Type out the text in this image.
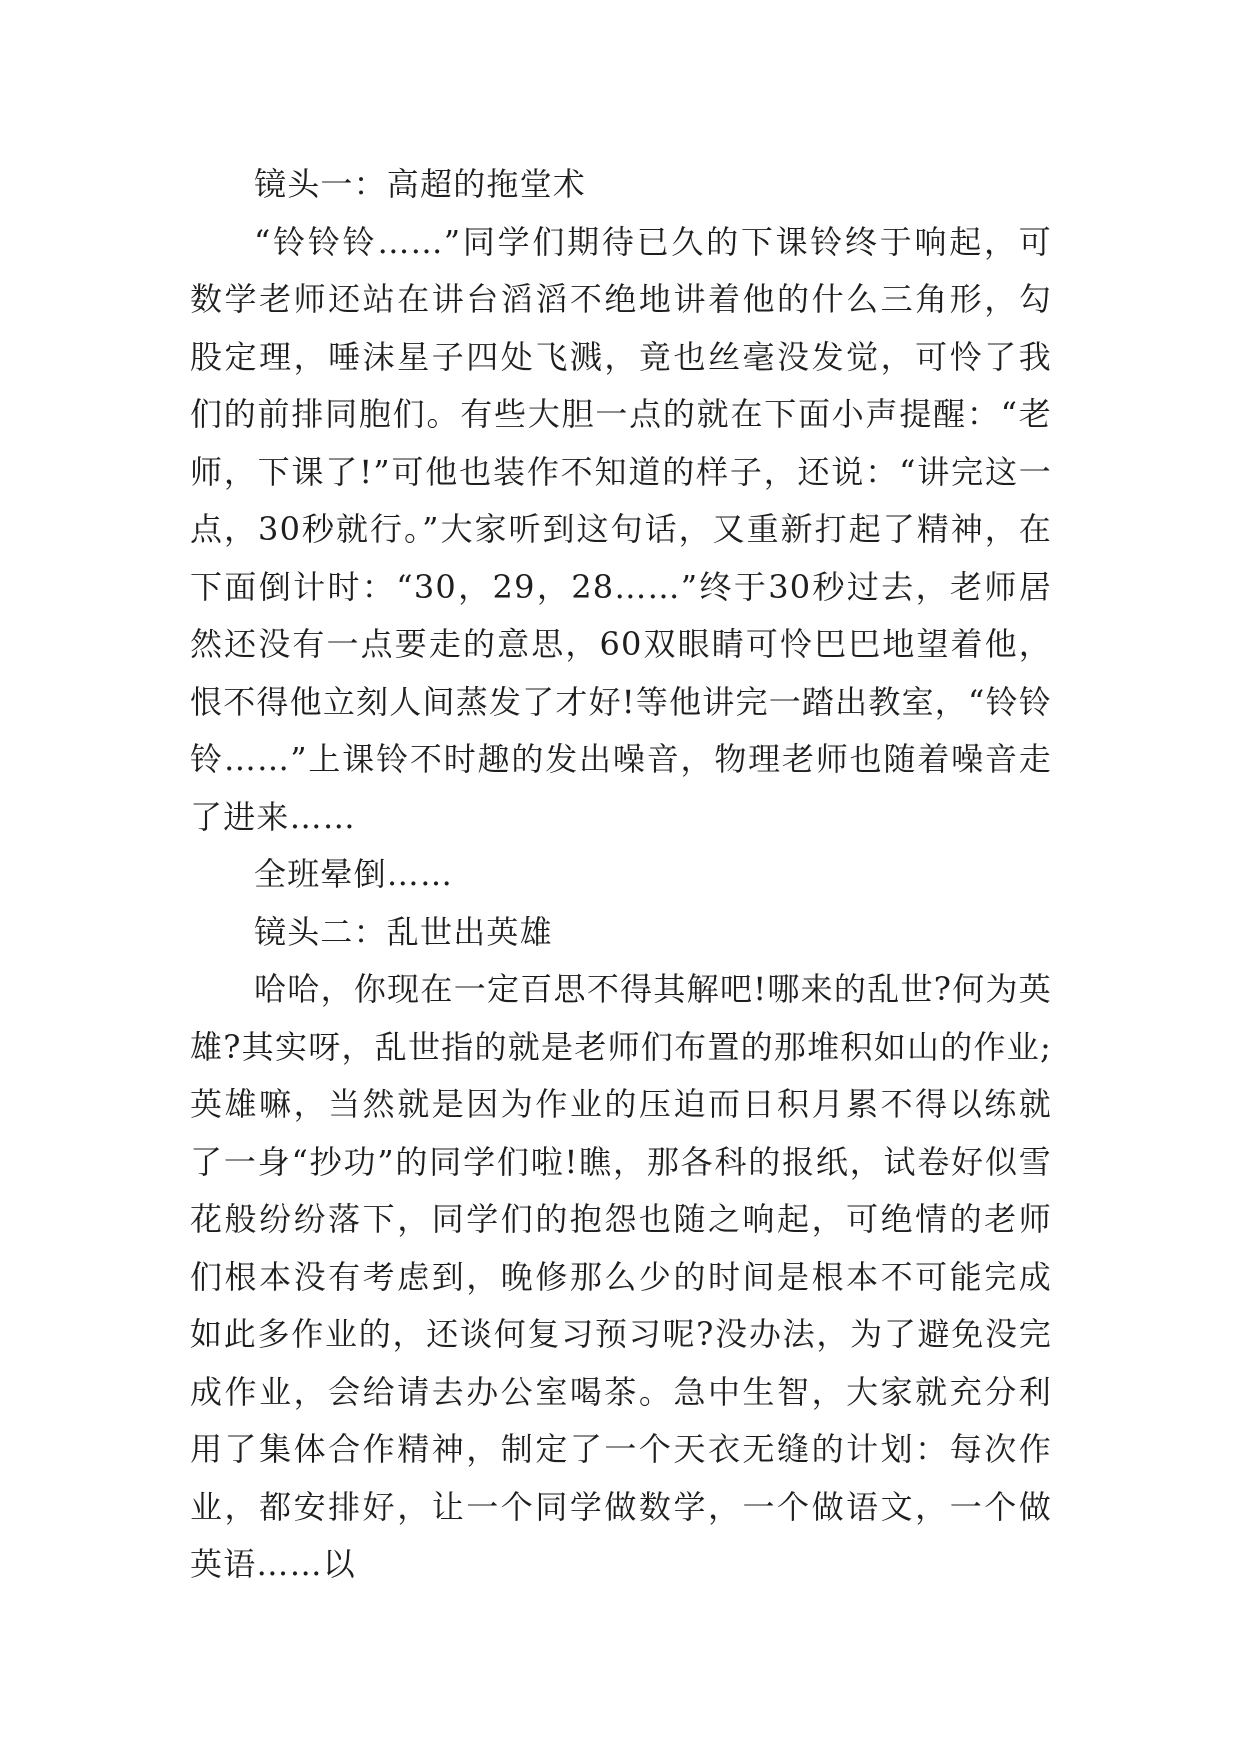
镜头一：高超的拖堂术

“铃铃铃……”同学们期待已久的下课铃终于响起，可数学老师还站在讲台滔滔不绝地讲着他的什么三角形，勾股定理，唾沫星子四处飞溅，竟也丝毫没发觉，可怜了我们的前排同胞们。有些大胆一点的就在下面小声提醒：“老师，下课了!”可他也装作不知道的样子，还说：“讲完这一点，30秒就行。”大家听到这句话，又重新打起了精神，在下面倒计时：“30，29，28……”终于30秒过去，老师居然还没有一点要走的意思，60双眼睛可怜巴巴地望着他，恨不得他立刻人间蒸发了才好!等他讲完一踏出教室，“铃铃铃……”上课铃不时趣的发出噪音，物理老师也随着噪音走了进来……

全班晕倒……

镜头二：乱世出英雄

哈哈，你现在一定百思不得其解吧!哪来的乱世?何为英雄?其实呀，乱世指的就是老师们布置的那堆积如山的作业;英雄嘛，当然就是因为作业的压迫而日积月累不得以练就了一身“抄功”的同学们啦!瞧，那各科的报纸，试卷好似雪花般纷纷落下，同学们的抱怨也随之响起，可绝情的老师们根本没有考虑到，晚修那么少的时间是根本不可能完成如此多作业的，还谈何复习预习呢?没办法，为了避免没完成作业，会给请去办公室喝茶。急中生智，大家就充分利用了集体合作精神，制定了一个天衣无缝的计划：每次作业，都安排好，让一个同学做数学，一个做语文，一个做英语……以
